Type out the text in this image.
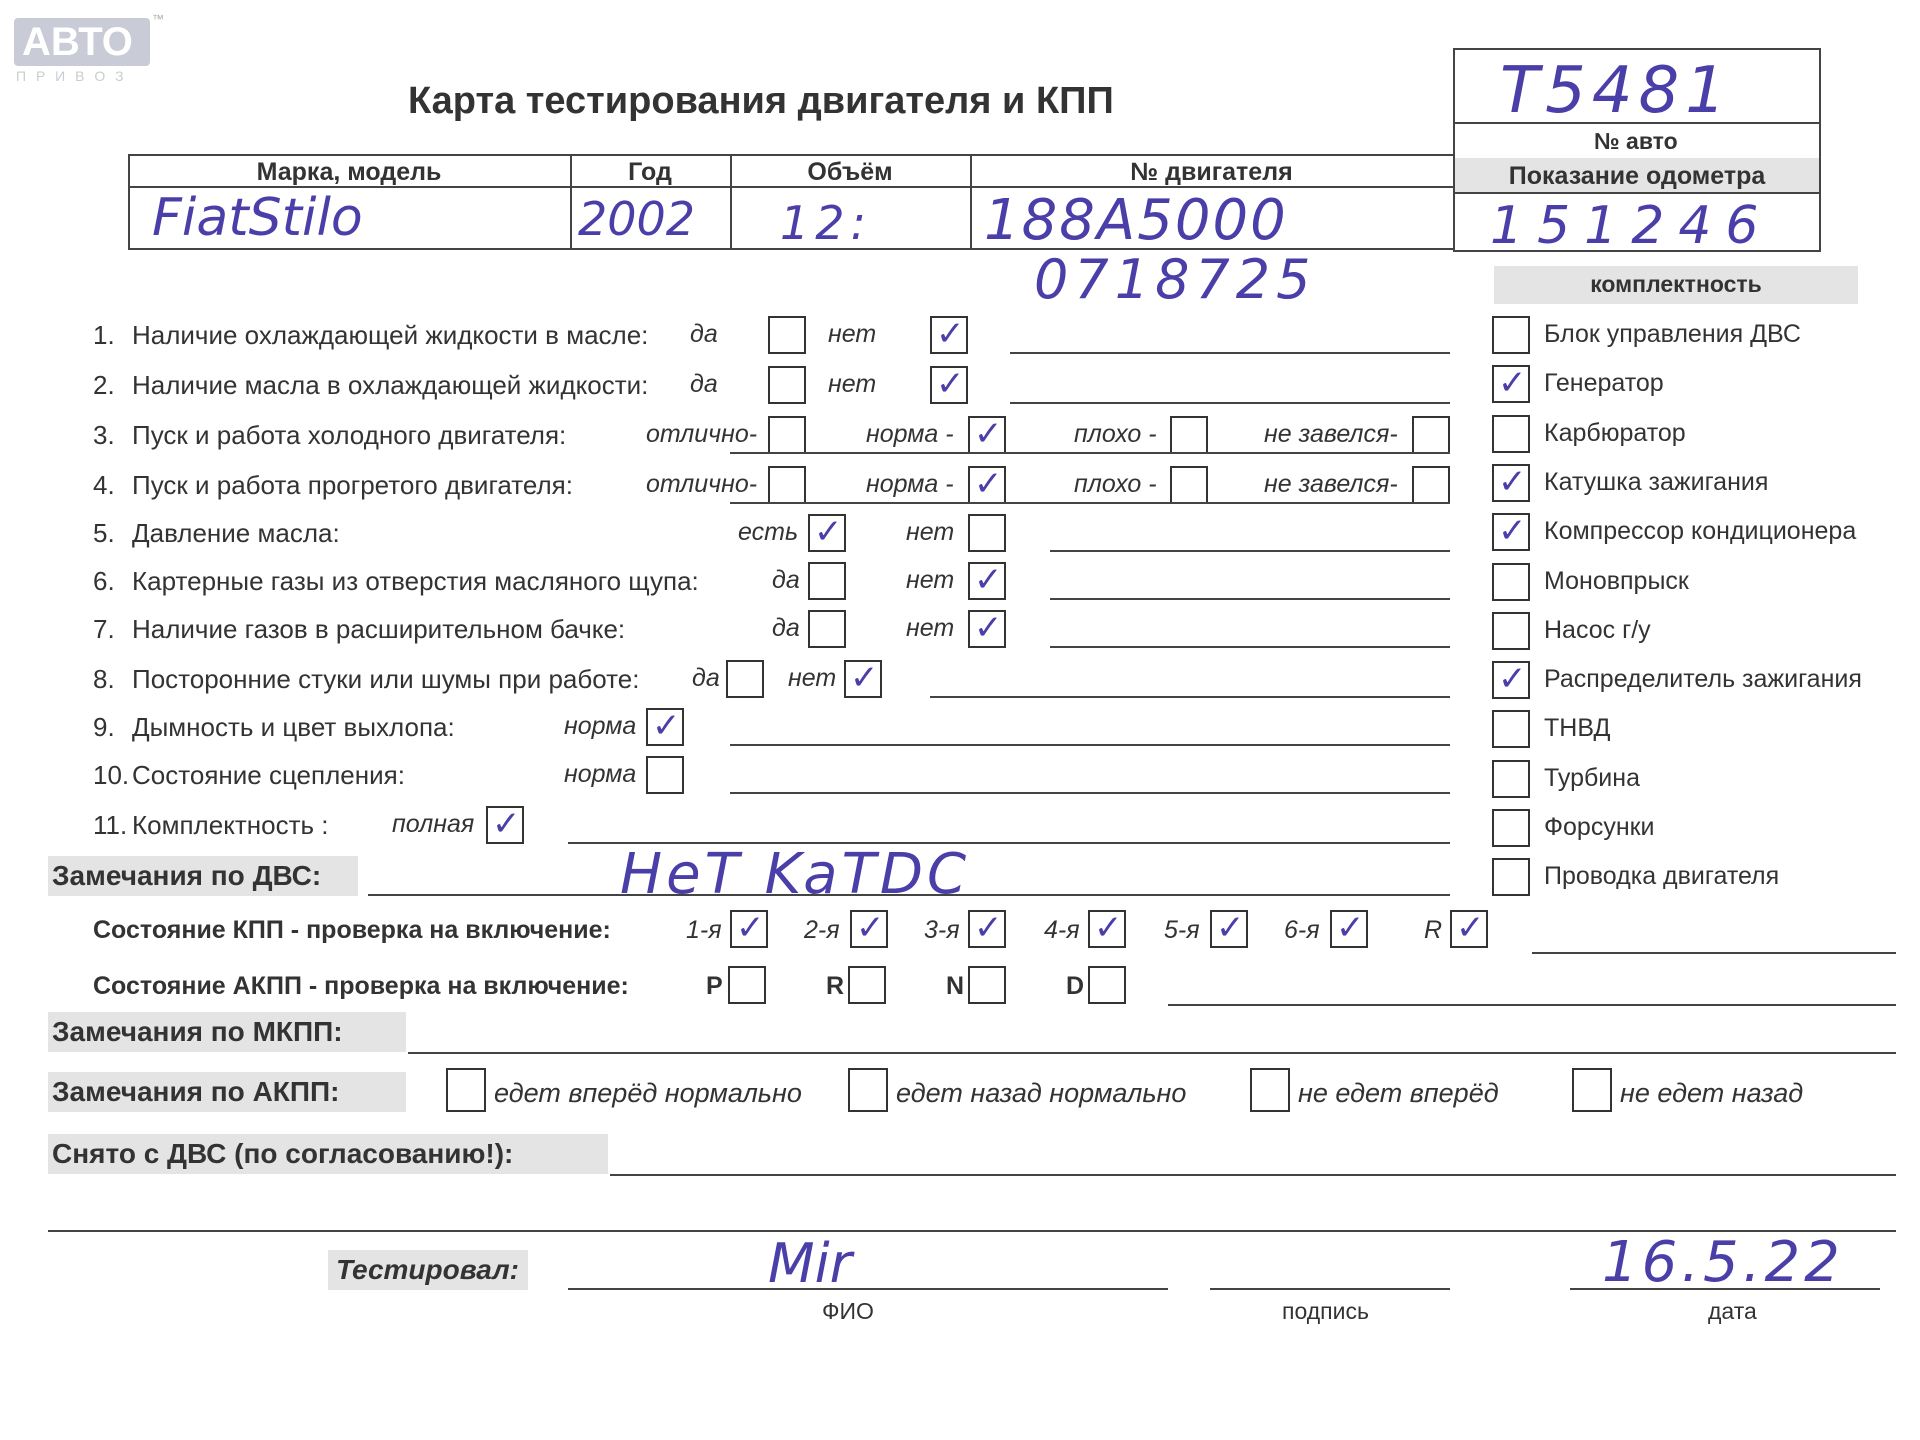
АВТО
™
П Р И В О З
Карта тестирования двигателя и КПП	T5481
№ авто
Показание одометра
151246
Марка, модель	Год	Объём	№ двигателя
FiatStilo	2002 12: 188A5000
0718725	комплектность
Блок управления ДВС
✓ Генератор
Карбюратор
✓ Катушка зажигания
✓ Компрессор кондиционера
Моновпрыск
Насос г/у
✓ Распределитель зажигания
ТНВД
Турбина
Форсунки
Проводка двигателя
1. Наличие охлаждающей жидкости в масле: да	нет ✓
2. Наличие масла в охлаждающей жидкости: да	нет ✓
3. Пуск и работа холодного двигателя:	отлично-	норма - ✓	плохо -	не завелся-
4. Пуск и работа прогретого двигателя:	отлично-	норма - ✓	плохо -	не завелся-
5. Давление масла:	есть ✓	нет
6. Картерные газы из отверстия масляного щупа:	да	нет ✓
7. Наличие газов в расширительном бачке:	да	нет ✓
8. Посторонние стуки или шумы при работе: да	нет ✓
9. Дымность и цвет выхлопа:	норма ✓
10. Состояние сцепления:	норма
11. Комплектность :	полная ✓
Замечания по ДВС:	HeT KaTDC
Состояние КПП - проверка на включение:	1-я ✓ 2-я ✓ 3-я ✓ 4-я ✓ 5-я ✓ 6-я ✓ R ✓
Состояние АКПП - проверка на включение:	P	R	N	D
Замечания по МКПП:
Замечания по АКПП:	едет вперёд нормально	едет назад нормально	не едет вперёд	не едет назад
Снято с ДВС (по согласованию!):
Тестировал:	Mir	16.5.22
ФИО	подпись	дата
